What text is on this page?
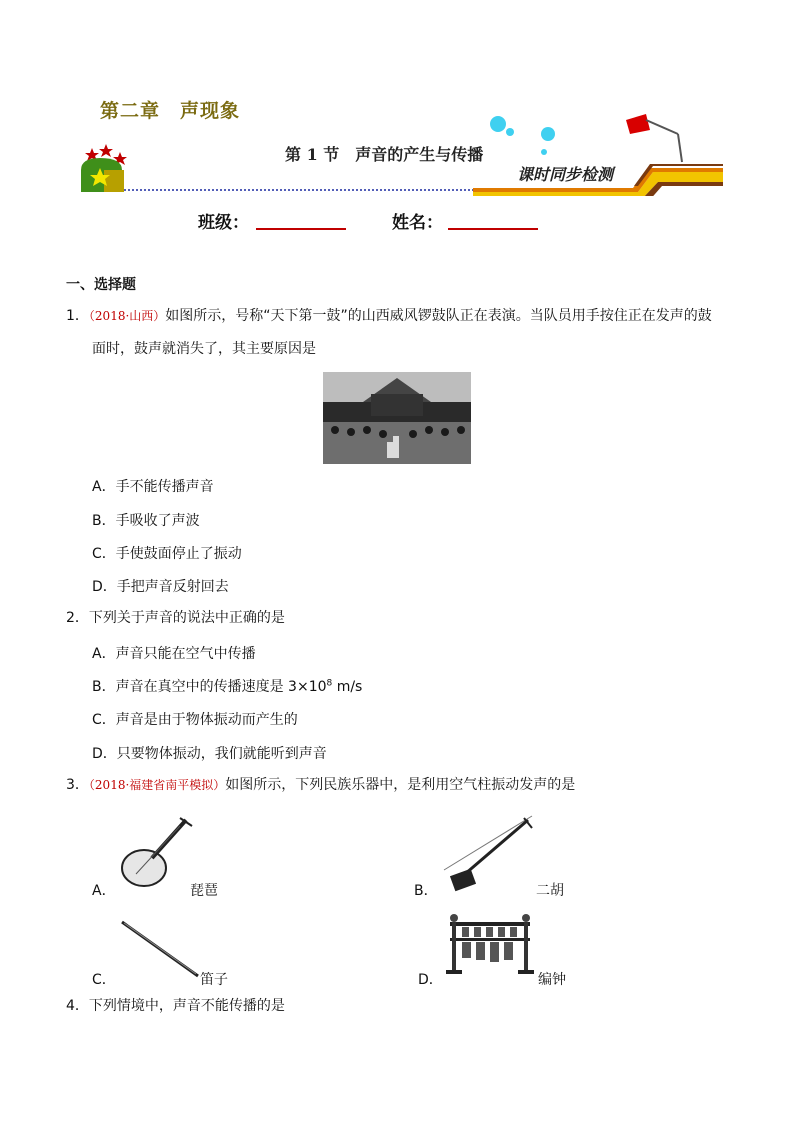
第二章　声现象
第 1 节　声音的产生与传播
课时同步检测
班级：	姓名：
一、选择题
1．（2018·山西）如图所示，号称“天下第一鼓”的山西威风锣鼓队正在表演。当队员用手按住正在发声的鼓
面时，鼓声就消失了，其主要原因是
A．手不能传播声音
B．手吸收了声波
C．手使鼓面停止了振动
D．手把声音反射回去
2．下列关于声音的说法中正确的是
A．声音只能在空气中传播
B．声音在真空中的传播速度是 $3\times 10^8$ m/s
C．声音是由于物体振动而产生的
D．只要物体振动，我们就能听到声音
3．（2018·福建省南平模拟）如图所示，下列民族乐器中，是利用空气柱振动发声的是
A．	琵琶	B．	二胡
C．	笛子	D．	编钟
4．下列情境中，声音不能传播的是
